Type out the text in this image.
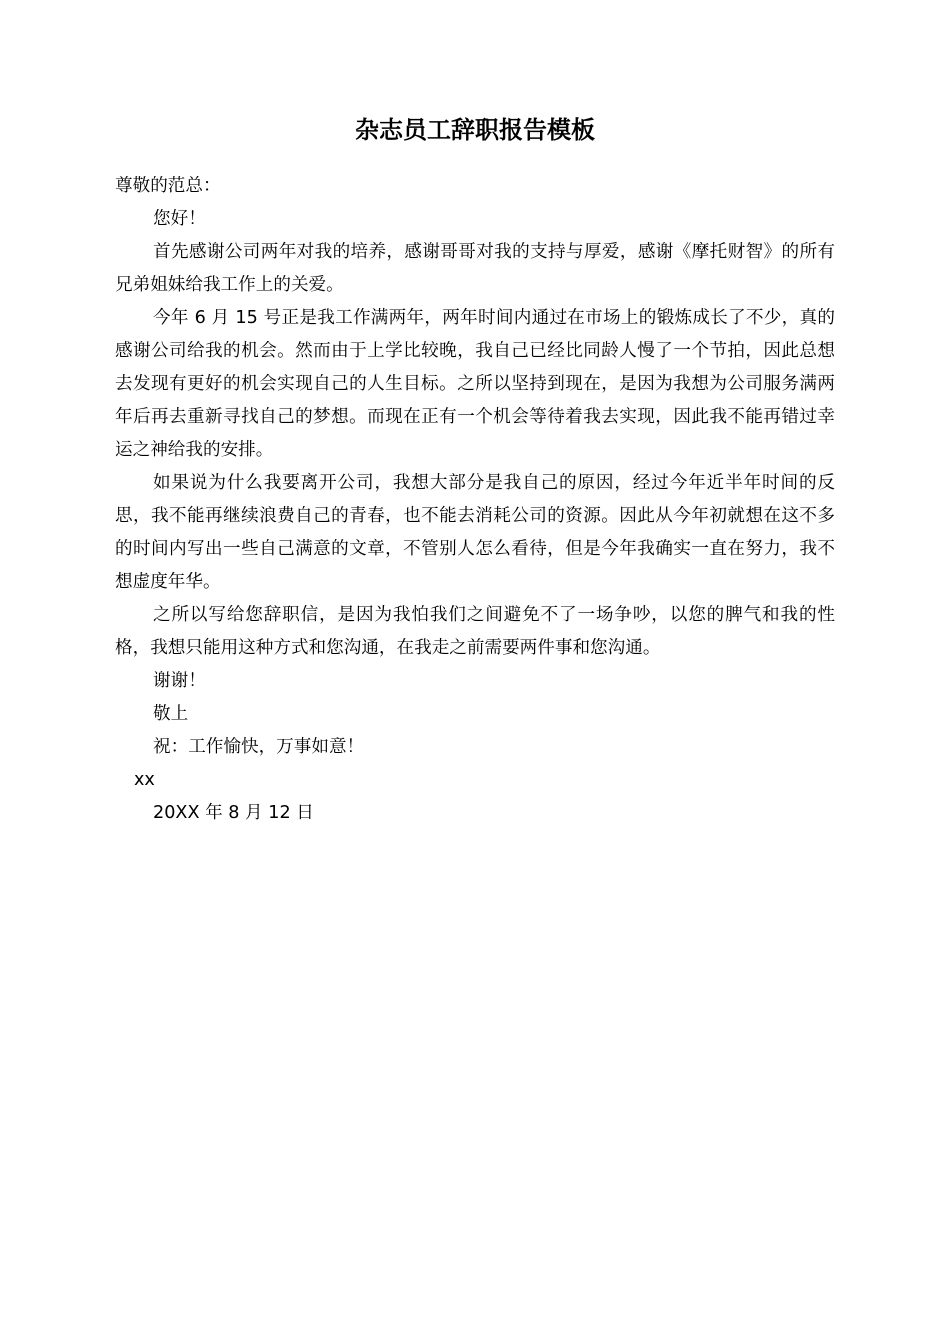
杂志员工辞职报告模板
尊敬的范总：
您好！

首先感谢公司两年对我的培养，感谢哥哥对我的支持与厚爱，感谢《摩托财智》的所有兄弟姐妹给我工作上的关爱。

今年 6 月 15 号正是我工作满两年，两年时间内通过在市场上的锻炼成长了不少，真的感谢公司给我的机会。然而由于上学比较晚，我自己已经比同龄人慢了一个节拍，因此总想去发现有更好的机会实现自己的人生目标。之所以坚持到现在，是因为我想为公司服务满两年后再去重新寻找自己的梦想。而现在正有一个机会等待着我去实现，因此我不能再错过幸运之神给我的安排。

如果说为什么我要离开公司，我想大部分是我自己的原因，经过今年近半年时间的反思，我不能再继续浪费自己的青春，也不能去消耗公司的资源。因此从今年初就想在这不多的时间内写出一些自己满意的文章，不管别人怎么看待，但是今年我确实一直在努力，我不想虚度年华。

之所以写给您辞职信，是因为我怕我们之间避免不了一场争吵，以您的脾气和我的性格，我想只能用这种方式和您沟通，在我走之前需要两件事和您沟通。

谢谢！
敬上
祝：工作愉快，万事如意！
xx
20XX 年 8 月 12 日
